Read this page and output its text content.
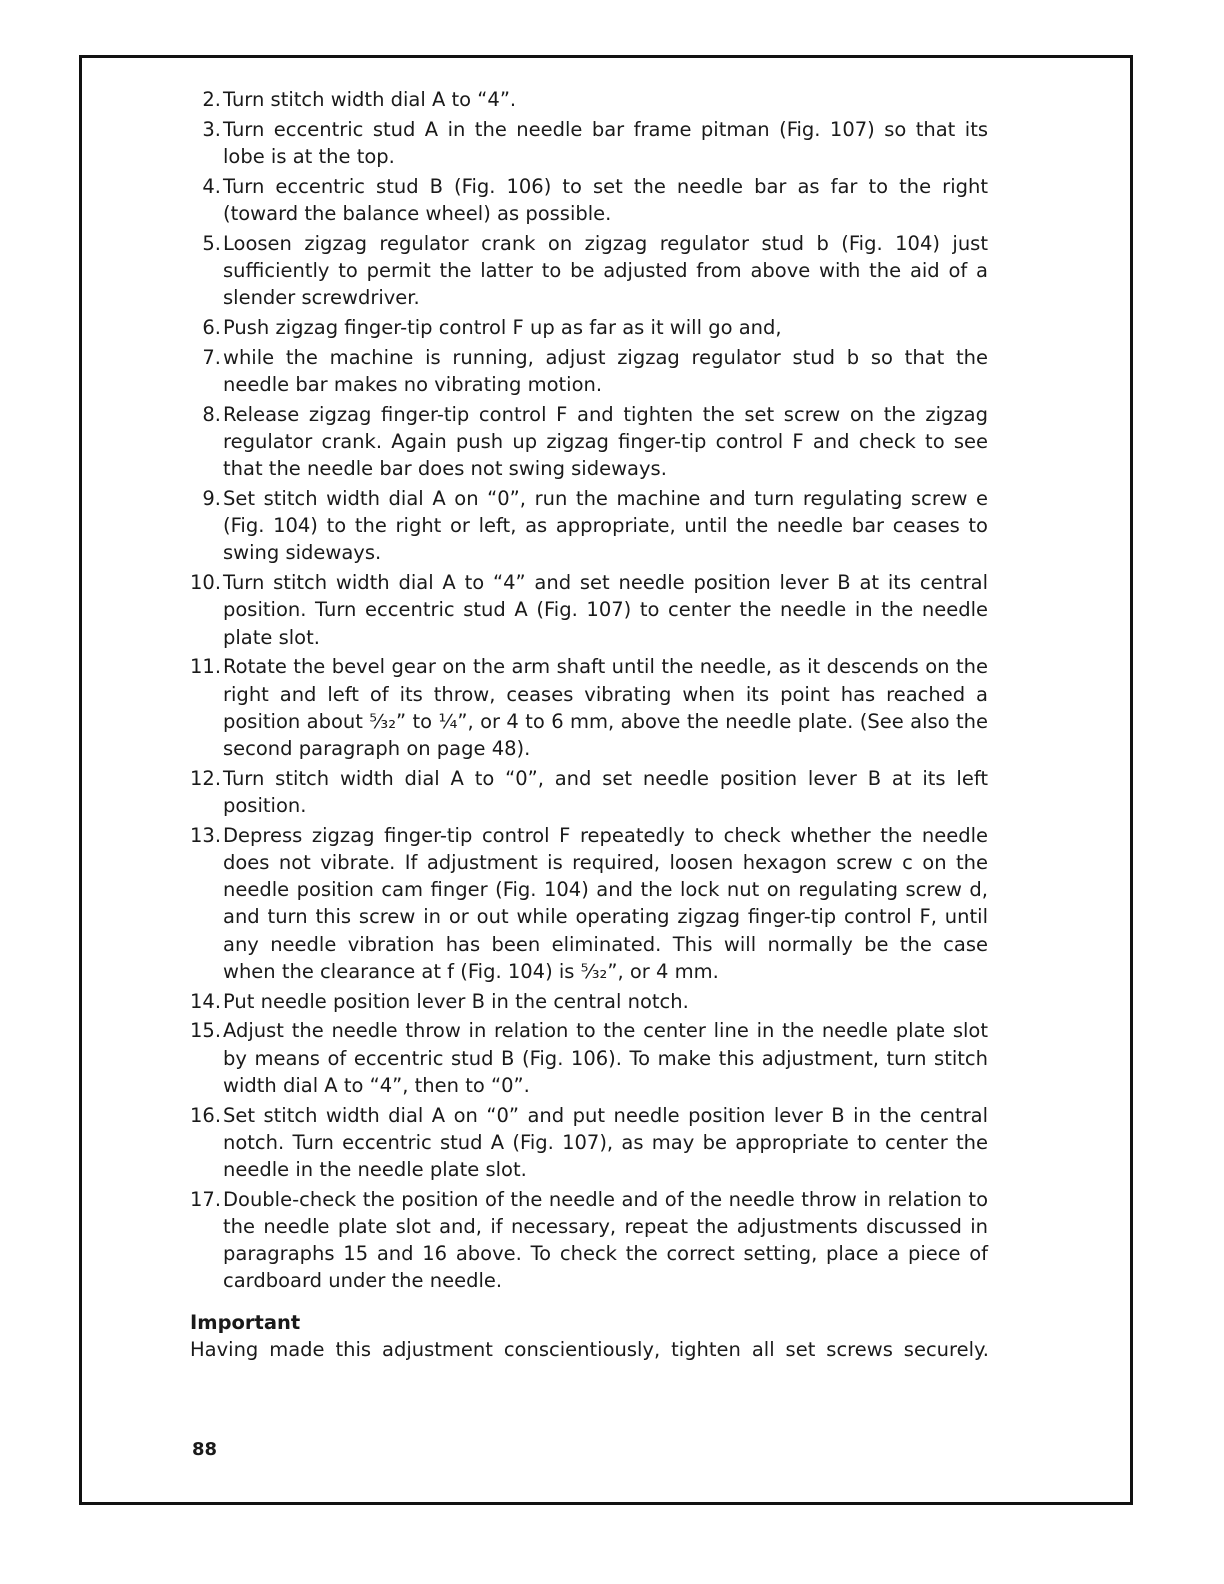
2. Turn stitch width dial A to “4”.
3. Turn eccentric stud A in the needle bar frame pitman (Fig. 107) so that its lobe is at the top.
4. Turn eccentric stud B (Fig. 106) to set the needle bar as far to the right (toward the balance wheel) as possible.
5. Loosen zigzag regulator crank on zigzag regulator stud b (Fig. 104) just sufficiently to permit the latter to be adjusted from above with the aid of a slender screwdriver.
6. Push zigzag finger-tip control F up as far as it will go and,
7. while the machine is running, adjust zigzag regulator stud b so that the needle bar makes no vibrating motion.
8. Release zigzag finger-tip control F and tighten the set screw on the zigzag regulator crank. Again push up zigzag finger-tip control F and check to see that the needle bar does not swing sideways.
9. Set stitch width dial A on “0”, run the machine and turn regulating screw e (Fig. 104) to the right or left, as appropriate, until the needle bar ceases to swing sideways.
10. Turn stitch width dial A to “4” and set needle position lever B at its central position. Turn eccentric stud A (Fig. 107) to center the needle in the needle plate slot.
11. Rotate the bevel gear on the arm shaft until the needle, as it descends on the right and left of its throw, ceases vibrating when its point has reached a position about ⁵⁄₃₂” to ¹⁄₄”, or 4 to 6 mm, above the needle plate. (See also the second paragraph on page 48).
12. Turn stitch width dial A to “0”, and set needle position lever B at its left position.
13. Depress zigzag finger-tip control F repeatedly to check whether the needle does not vibrate. If adjustment is required, loosen hexagon screw c on the needle position cam finger (Fig. 104) and the lock nut on regulating screw d, and turn this screw in or out while operating zigzag finger-tip control F, until any needle vibration has been eliminated. This will normally be the case when the clearance at f (Fig. 104) is ⁵⁄₃₂”, or 4 mm.
14. Put needle position lever B in the central notch.
15. Adjust the needle throw in relation to the center line in the needle plate slot by means of eccentric stud B (Fig. 106). To make this adjustment, turn stitch width dial A to “4”, then to “0”.
16. Set stitch width dial A on “0” and put needle position lever B in the central notch. Turn eccentric stud A (Fig. 107), as may be appropriate to center the needle in the needle plate slot.
17. Double-check the position of the needle and of the needle throw in relation to the needle plate slot and, if necessary, repeat the adjustments discussed in paragraphs 15 and 16 above. To check the correct setting, place a piece of cardboard under the needle.
Important
Having made this adjustment conscientiously, tighten all set screws securely.
88
